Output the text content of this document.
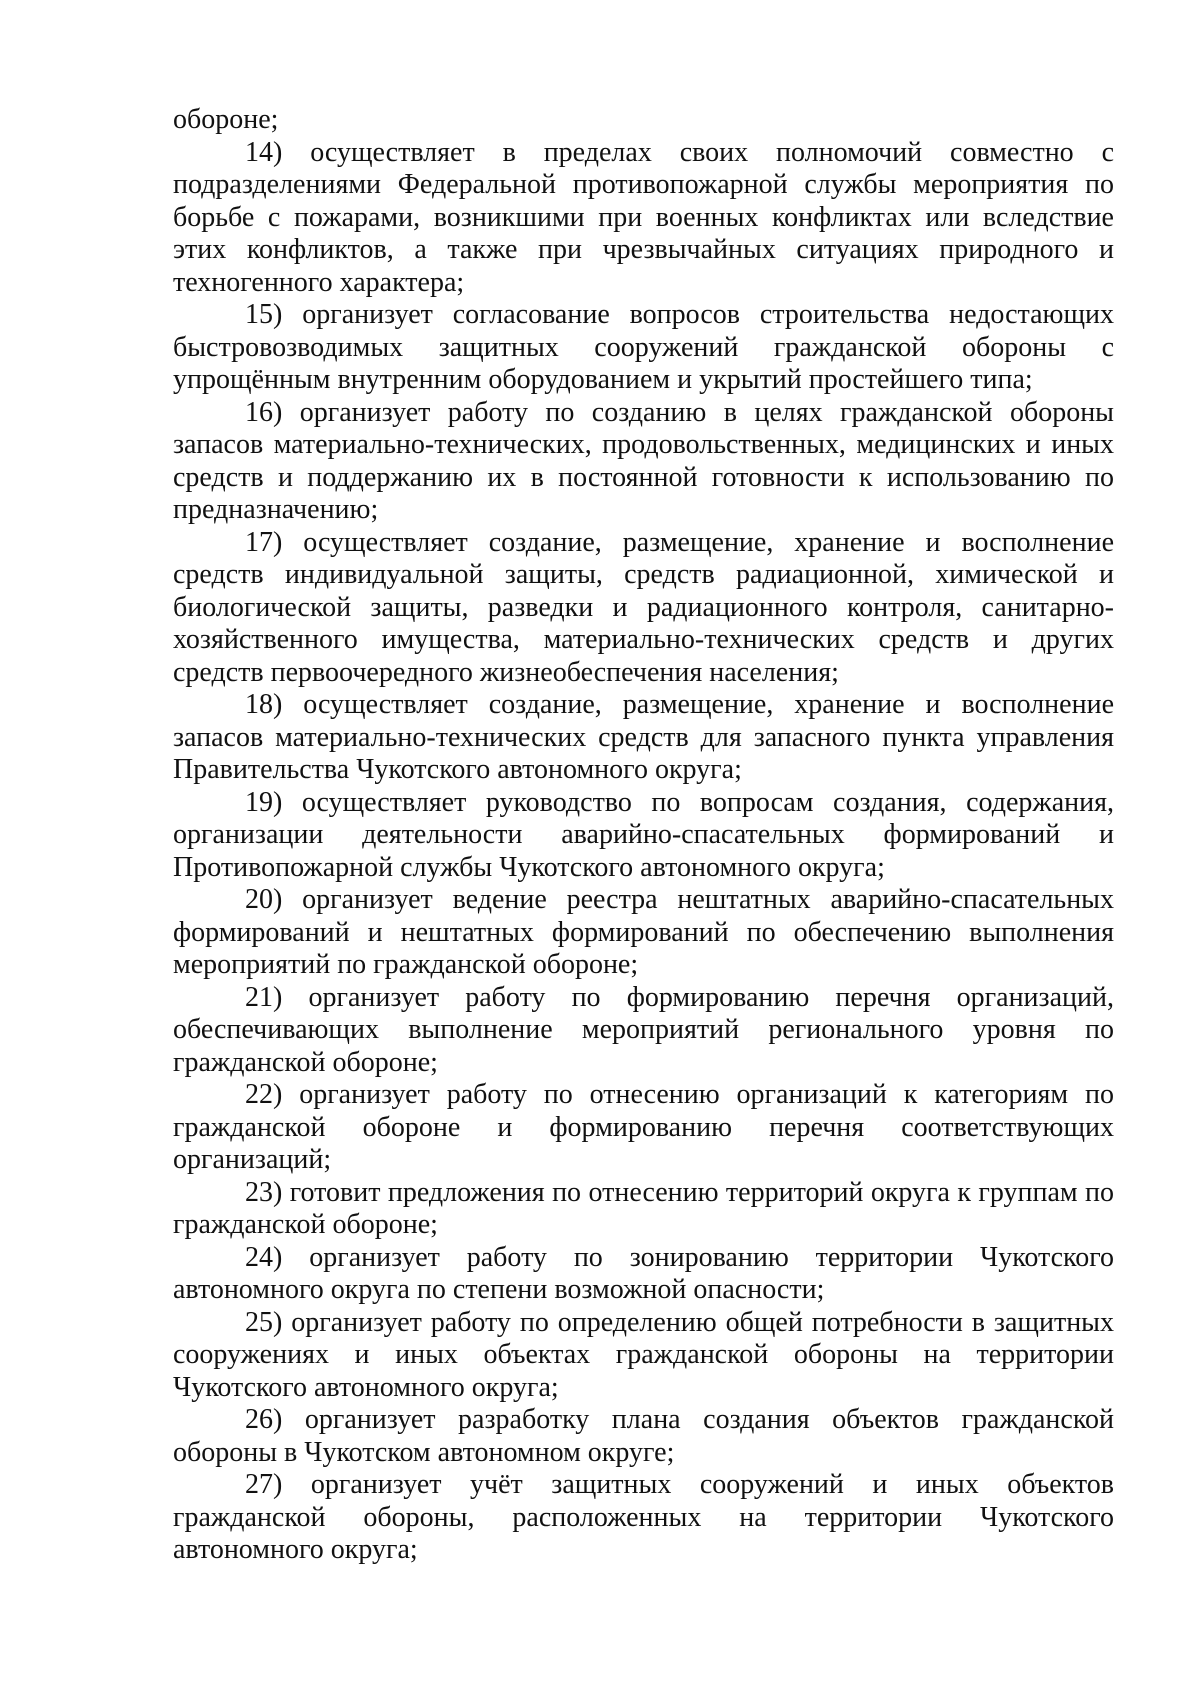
обороне;

14) осуществляет в пределах своих полномочий совместно с подразделениями Федеральной противопожарной службы мероприятия по борьбе с пожарами, возникшими при военных конфликтах или вследствие этих конфликтов, а также при чрезвычайных ситуациях природного и техногенного характера;

15) организует согласование вопросов строительства недостающих быстровозводимых защитных сооружений гражданской обороны с упрощённым внутренним оборудованием и укрытий простейшего типа;

16) организует работу по созданию в целях гражданской обороны запасов материально-технических, продовольственных, медицинских и иных средств и поддержанию их в постоянной готовности к использованию по предназначению;

17) осуществляет создание, размещение, хранение и восполнение средств индивидуальной защиты, средств радиационной, химической и биологической защиты, разведки и радиационного контроля, санитарно-хозяйственного имущества, материально-технических средств и других средств первоочередного жизнеобеспечения населения;

18) осуществляет создание, размещение, хранение и восполнение запасов материально-технических средств для запасного пункта управления Правительства Чукотского автономного округа;

19) осуществляет руководство по вопросам создания, содержания, организации деятельности аварийно-спасательных формирований и Противопожарной службы Чукотского автономного округа;

20) организует ведение реестра нештатных аварийно-спасательных формирований и нештатных формирований по обеспечению выполнения мероприятий по гражданской обороне;

21) организует работу по формированию перечня организаций, обеспечивающих выполнение мероприятий регионального уровня по гражданской обороне;

22) организует работу по отнесению организаций к категориям по гражданской обороне и формированию перечня соответствующих организаций;

23) готовит предложения по отнесению территорий округа к группам по гражданской обороне;

24) организует работу по зонированию территории Чукотского автономного округа по степени возможной опасности;

25) организует работу по определению общей потребности в защитных сооружениях и иных объектах гражданской обороны на территории Чукотского автономного округа;

26) организует разработку плана создания объектов гражданской обороны в Чукотском автономном округе;

27) организует учёт защитных сооружений и иных объектов гражданской обороны, расположенных на территории Чукотского автономного округа;
